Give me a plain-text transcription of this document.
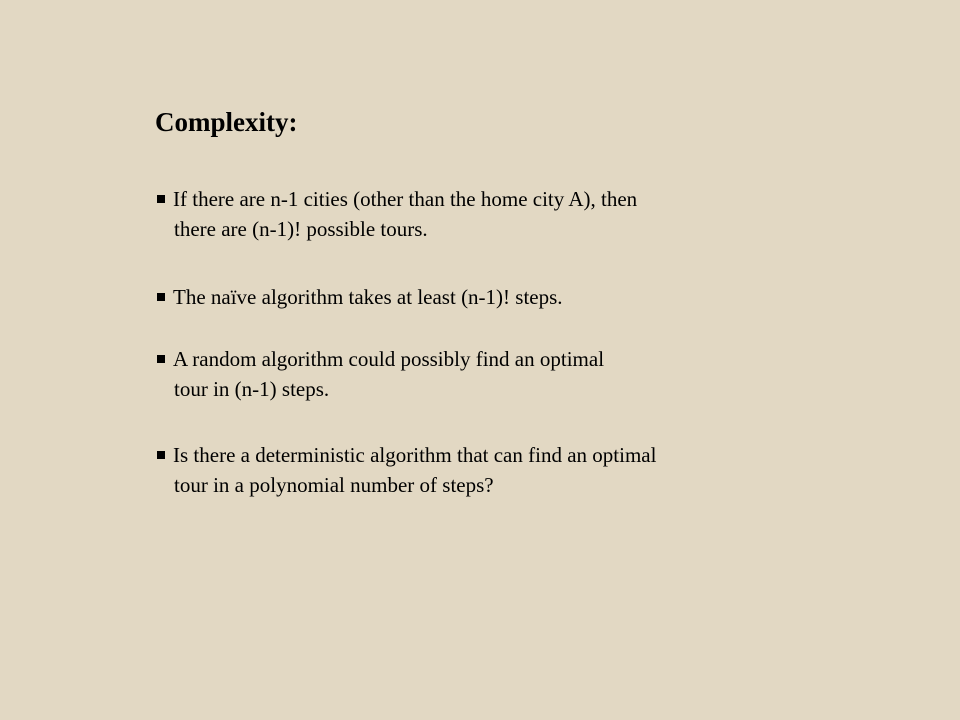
Complexity:
If there are n-1 cities (other than the home city A), then
there are (n-1)! possible tours.
The naïve algorithm takes at least (n-1)! steps.
A random algorithm could possibly find an optimal
tour in (n-1) steps.
Is there a deterministic algorithm that can find an optimal
tour in a polynomial number of steps?
